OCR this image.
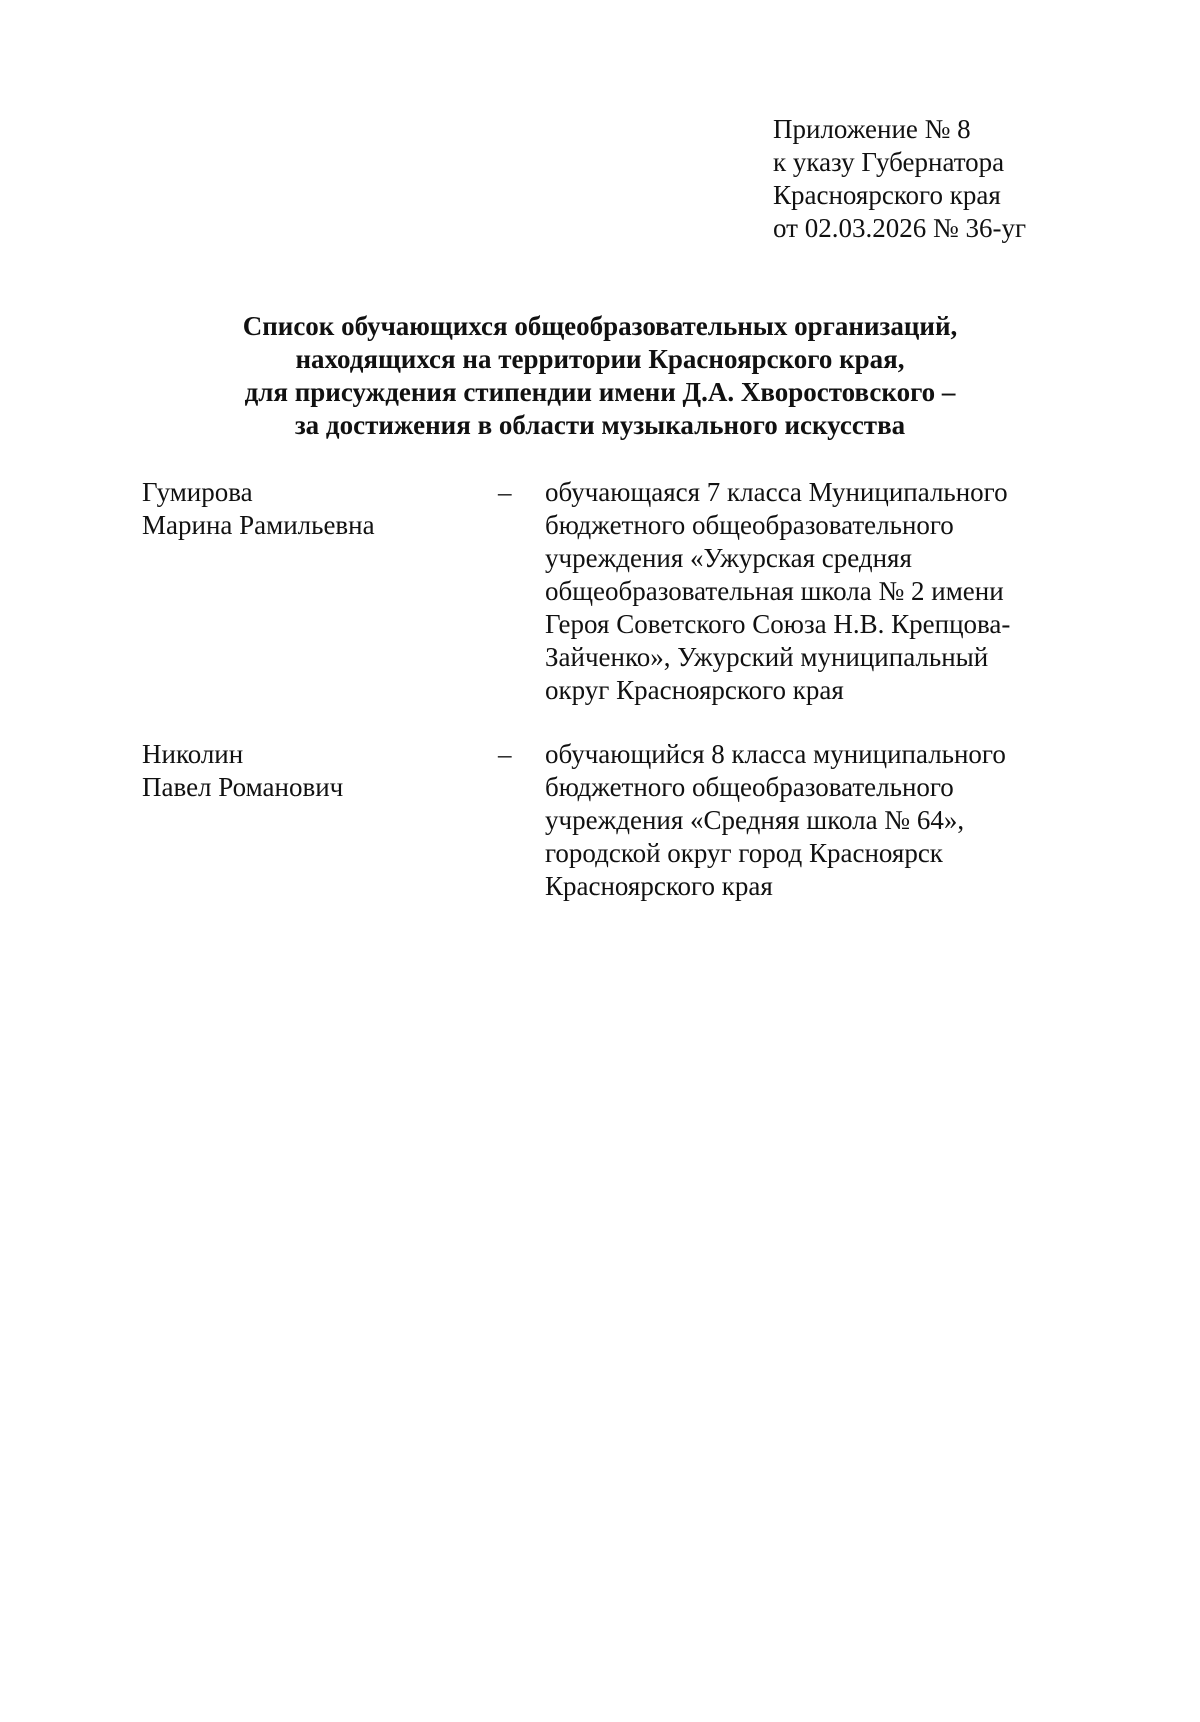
Приложение № 8
к указу Губернатора
Красноярского края
от 02.03.2026 № 36-уг
Список обучающихся общеобразовательных организаций,
находящихся на территории Красноярского края,
для присуждения стипендии имени Д.А. Хворостовского –
за достижения в области музыкального искусства
Гумирова
Марина Рамильевна
– обучающаяся 7 класса Муниципального
бюджетного общеобразовательного
учреждения «Ужурская средняя
общеобразовательная школа № 2 имени
Героя Советского Союза Н.В. Крепцова-
Зайченко», Ужурский муниципальный
округ Красноярского края
Николин
Павел Романович
– обучающийся 8 класса муниципального
бюджетного общеобразовательного
учреждения «Средняя школа № 64»,
городской округ город Красноярск
Красноярского края
